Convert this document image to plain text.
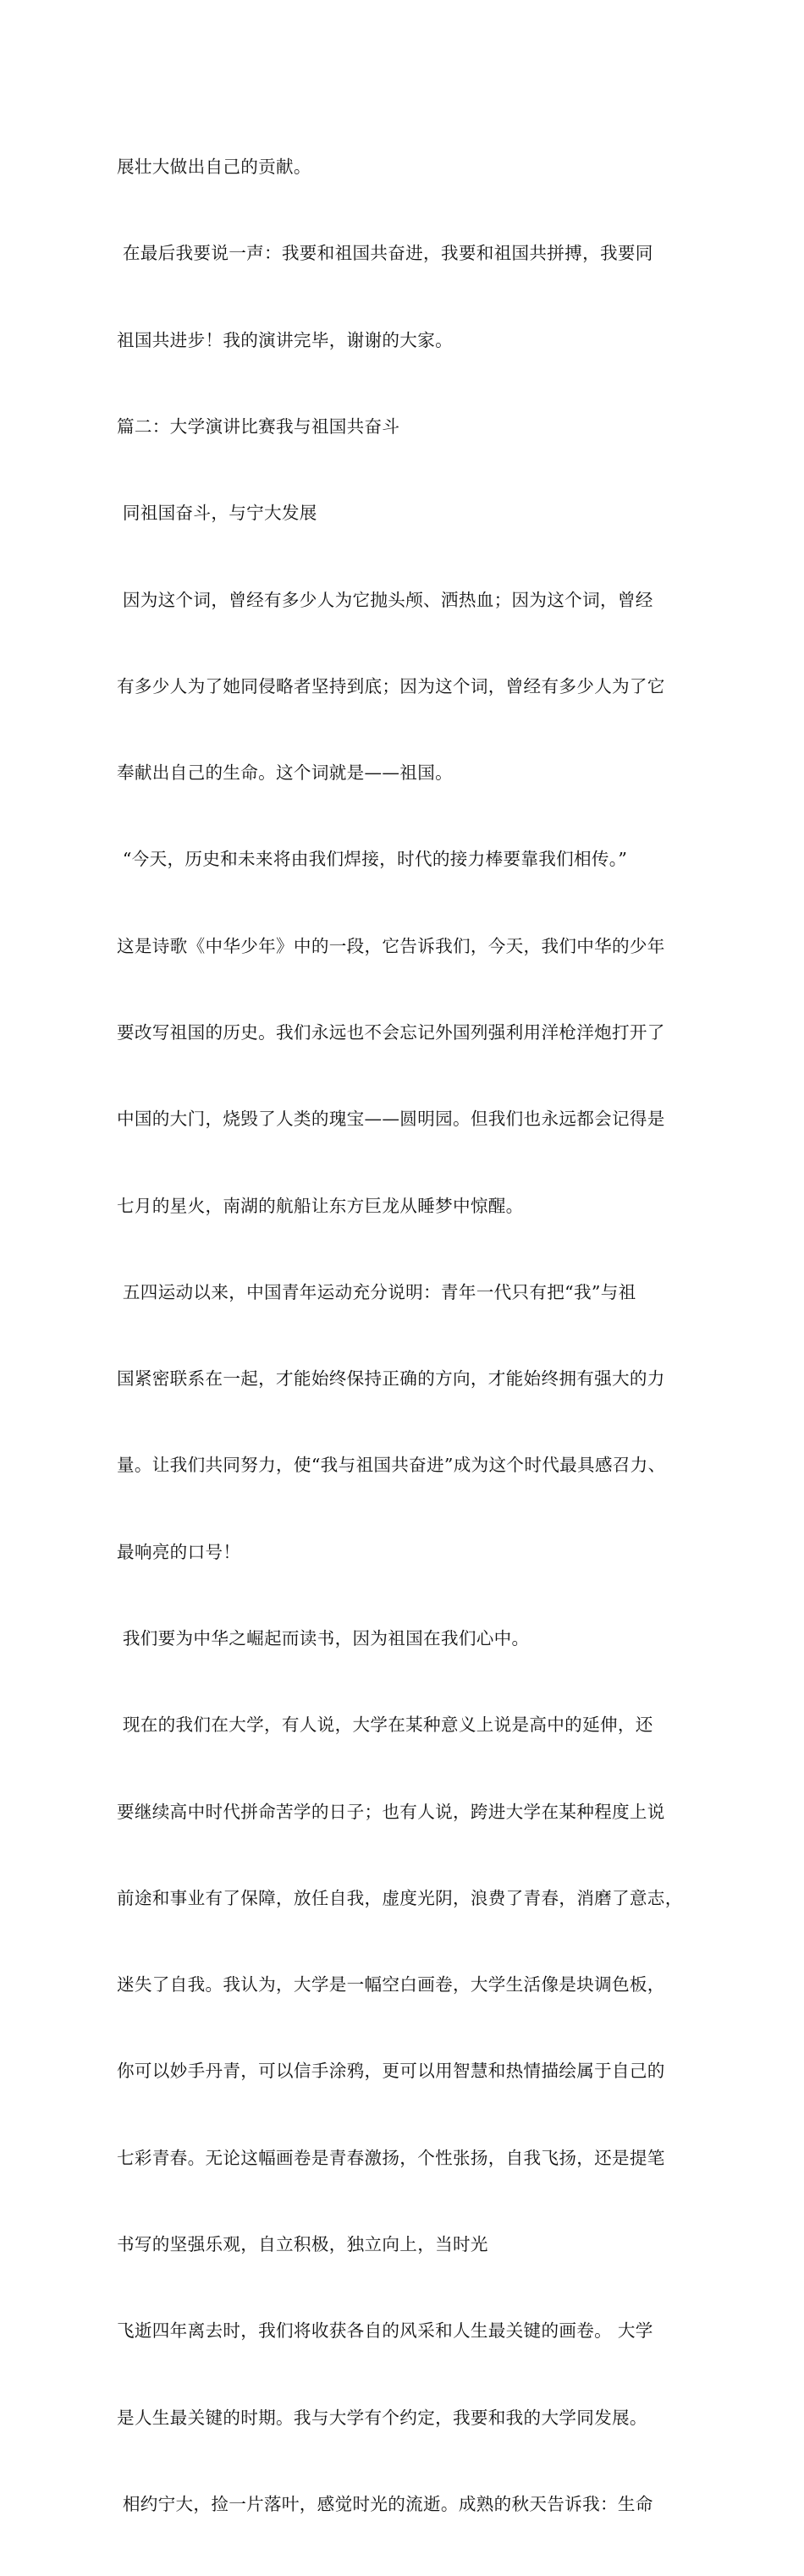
展壮大做出自己的贡献。

在最后我要说一声：我要和祖国共奋进，我要和祖国共拼搏，我要同

祖国共进步！我的演讲完毕，谢谢的大家。

篇二：大学演讲比赛我与祖国共奋斗

同祖国奋斗，与宁大发展

因为这个词，曾经有多少人为它抛头颅、洒热血；因为这个词，曾经

有多少人为了她同侵略者坚持到底；因为这个词，曾经有多少人为了它

奉献出自己的生命。这个词就是——祖国。

“今天，历史和未来将由我们焊接，时代的接力棒要靠我们相传。”

这是诗歌《中华少年》中的一段，它告诉我们，今天，我们中华的少年

要改写祖国的历史。我们永远也不会忘记外国列强利用洋枪洋炮打开了

中国的大门，烧毁了人类的瑰宝——圆明园。但我们也永远都会记得是

七月的星火，南湖的航船让东方巨龙从睡梦中惊醒。

五四运动以来，中国青年运动充分说明：青年一代只有把“我”与祖

国紧密联系在一起，才能始终保持正确的方向，才能始终拥有强大的力

量。让我们共同努力，使“我与祖国共奋进”成为这个时代最具感召力、

最响亮的口号！

我们要为中华之崛起而读书，因为祖国在我们心中。

现在的我们在大学，有人说，大学在某种意义上说是高中的延伸，还

要继续高中时代拼命苦学的日子；也有人说，跨进大学在某种程度上说

前途和事业有了保障，放任自我，虚度光阴，浪费了青春，消磨了意志，

迷失了自我。我认为，大学是一幅空白画卷，大学生活像是块调色板，

你可以妙手丹青，可以信手涂鸦，更可以用智慧和热情描绘属于自己的

七彩青春。无论这幅画卷是青春激扬，个性张扬，自我飞扬，还是提笔

书写的坚强乐观，自立积极，独立向上，当时光

飞逝四年离去时，我们将收获各自的风采和人生最关键的画卷。 大学

是人生最关键的时期。我与大学有个约定，我要和我的大学同发展。

相约宁大，捡一片落叶，感觉时光的流逝。成熟的秋天告诉我：生命
